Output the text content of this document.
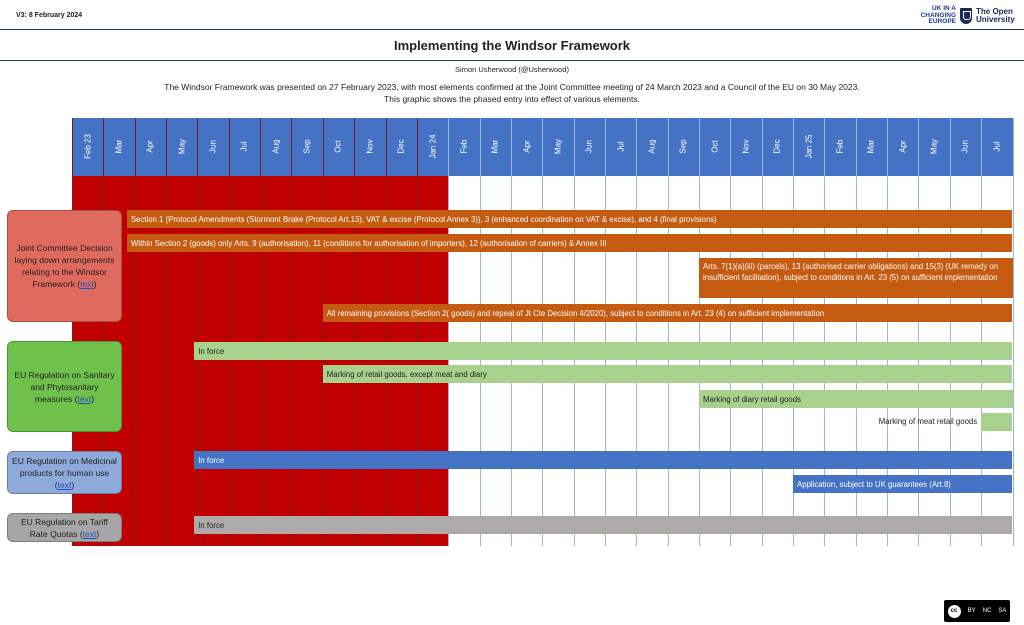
V3: 8 February 2024
UK IN A
CHANGING
EUROPE
The Open
University
Implementing the Windsor Framework
Simon Usherwood (@Usherwood)
The Windsor Framework was presented on 27 February 2023, with most elements confirmed at the Joint Committee meeting of 24 March 2023 and a Council of the EU on 30 May 2023.
This graphic shows the phased entry into effect of various elements.
Feb 23	Mar	Apr	May	Jun	Jul	Aug	Sep	Oct	Nov	Dec	Jan 24	Feb	Mar	Apr	May	Jun	Jul	Aug	Sep	Oct	Nov	Dec	Jan 25	Feb	Mar	Apr	May	Jun	Jul
Section 1 (Protocol Amendments (Stormont Brake (Protocol Art.13), VAT & excise (Protocol Annex 3)), 3 (enhanced coordination on VAT & excise), and 4 (final provisions)
Within Section 2 (goods) only Arts. 9 (authorisation), 11 (conditions for authorisation of importers), 12 (authorisation of carriers) & Annex III
Arts. 7(1)(a)(iii) (parcels), 13 (authorised carrier obligations) and 15(3) (UK remedy on insufficient facilitation), subject to conditions in Art. 23 (5) on sufficient implementation
All remaining provisions (Section 2( goods) and repeal of Jt Cte Decision 4/2020), subject to conditions in Art. 23 (4) on sufficient implementation
In force
Marking of retail goods, except meat and diary
Marking of diary retail goods
Marking of meat retail goods
In force
Application, subject to UK guarantees (Art.8)
In force
Joint Committee Decision laying down arrangements relating to the Windsor Framework (text)
EU Regulation on Sanitary and Phytosanitary measures (text)
EU Regulation on Medicinal products for human use (text)
EU Regulation on Tariff Rate Quotas (text)
cc	BY NC SA
